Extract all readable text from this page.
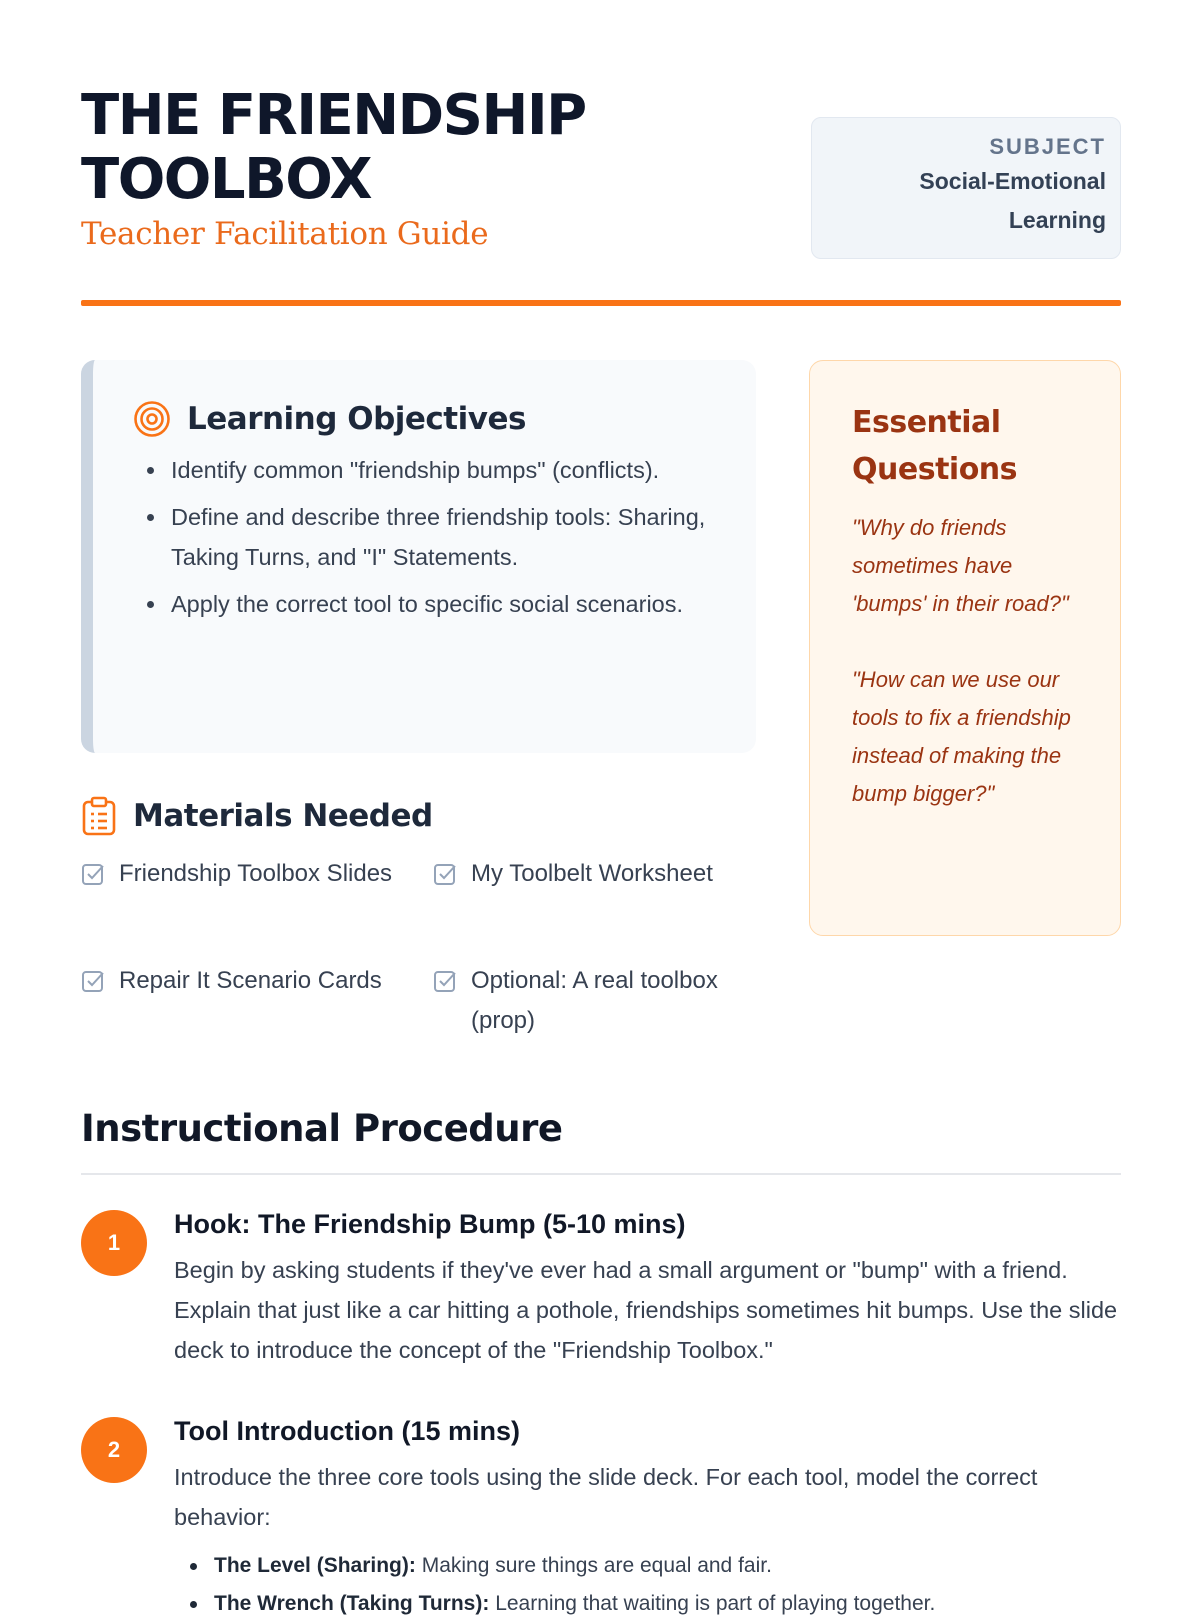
THE FRIENDSHIP TOOLBOX
Teacher Facilitation Guide
SUBJECT
Social-Emotional
Learning
Learning Objectives
Identify common "friendship bumps" (conflicts).
Define and describe three friendship tools: Sharing, Taking Turns, and "I" Statements.
Apply the correct tool to specific social scenarios.
Essential Questions

"Why do friends sometimes have 'bumps' in their road?"

"How can we use our tools to fix a friendship instead of making the bump bigger?"

Materials Needed
Friendship Toolbox Slides	My Toolbelt Worksheet
Repair It Scenario Cards	Optional: A real toolbox (prop)
Instructional Procedure
1
Hook: The Friendship Bump (5-10 mins)

Begin by asking students if they've ever had a small argument or "bump" with a friend. Explain that just like a car hitting a pothole, friendships sometimes hit bumps. Use the slide deck to introduce the concept of the "Friendship Toolbox."

2
Tool Introduction (15 mins)

Introduce the three core tools using the slide deck. For each tool, model the correct behavior:

The Level (Sharing): Making sure things are equal and fair.
The Wrench (Taking Turns): Learning that waiting is part of playing together.
